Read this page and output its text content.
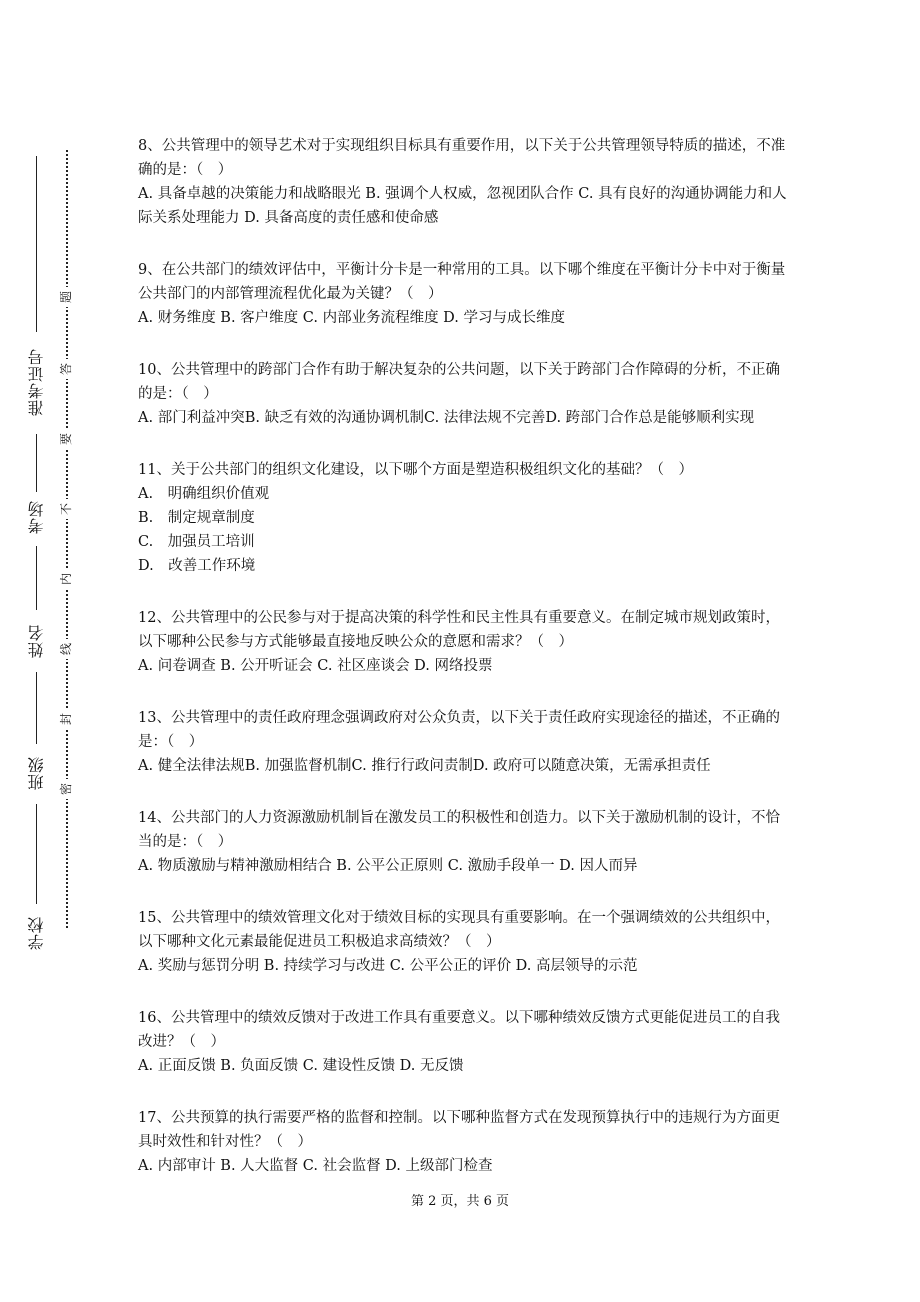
准考证号
考场
姓名
班级
学校
题
答
要
不
内
线
封
密
8、公共管理中的领导艺术对于实现组织目标具有重要作用，以下关于公共管理领导特质的描述，不准确的是：（　）
A. 具备卓越的决策能力和战略眼光 B. 强调个人权威，忽视团队合作 C. 具有良好的沟通协调能力和人际关系处理能力 D. 具备高度的责任感和使命感
9、在公共部门的绩效评估中，平衡计分卡是一种常用的工具。以下哪个维度在平衡计分卡中对于衡量公共部门的内部管理流程优化最为关键？（　）
A. 财务维度 B. 客户维度 C. 内部业务流程维度 D. 学习与成长维度
10、公共管理中的跨部门合作有助于解决复杂的公共问题，以下关于跨部门合作障碍的分析，不正确的是：（　）
A. 部门利益冲突B. 缺乏有效的沟通协调机制C. 法律法规不完善D. 跨部门合作总是能够顺利实现
11、关于公共部门的组织文化建设，以下哪个方面是塑造积极组织文化的基础？（　）
A.　明确组织价值观
B.　制定规章制度
C.　加强员工培训
D.　改善工作环境
12、公共管理中的公民参与对于提高决策的科学性和民主性具有重要意义。在制定城市规划政策时，以下哪种公民参与方式能够最直接地反映公众的意愿和需求？（　）
A. 问卷调查 B. 公开听证会 C. 社区座谈会 D. 网络投票
13、公共管理中的责任政府理念强调政府对公众负责，以下关于责任政府实现途径的描述，不正确的是：（　）
A. 健全法律法规B. 加强监督机制C. 推行行政问责制D. 政府可以随意决策，无需承担责任
14、公共部门的人力资源激励机制旨在激发员工的积极性和创造力。以下关于激励机制的设计，不恰当的是：（　）
A. 物质激励与精神激励相结合 B. 公平公正原则 C. 激励手段单一 D. 因人而异
15、公共管理中的绩效管理文化对于绩效目标的实现具有重要影响。在一个强调绩效的公共组织中，以下哪种文化元素最能促进员工积极追求高绩效？（　）
A. 奖励与惩罚分明 B. 持续学习与改进 C. 公平公正的评价 D. 高层领导的示范
16、公共管理中的绩效反馈对于改进工作具有重要意义。以下哪种绩效反馈方式更能促进员工的自我改进？（　）
A. 正面反馈 B. 负面反馈 C. 建设性反馈 D. 无反馈
17、公共预算的执行需要严格的监督和控制。以下哪种监督方式在发现预算执行中的违规行为方面更具时效性和针对性？（　）
A. 内部审计 B. 人大监督 C. 社会监督 D. 上级部门检查
第 2 页，共 6 页
